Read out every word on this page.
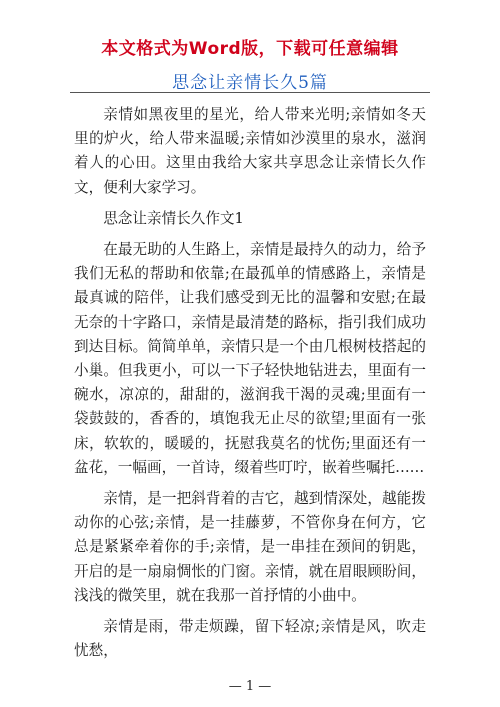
本文格式为Word版，下载可任意编辑
思念让亲情长久5篇

亲情如黑夜里的星光，给人带来光明;亲情如冬天里的炉火，给人带来温暖;亲情如沙漠里的泉水，滋润着人的心田。这里由我给大家共享思念让亲情长久作文，便利大家学习。

思念让亲情长久作文1

在最无助的人生路上，亲情是最持久的动力，给予我们无私的帮助和依靠;在最孤单的情感路上，亲情是最真诚的陪伴，让我们感受到无比的温馨和安慰;在最无奈的十字路口，亲情是最清楚的路标，指引我们成功到达目标。简简单单，亲情只是一个由几根树枝搭起的小巢。但我更小，可以一下子轻快地钻进去，里面有一碗水，凉凉的，甜甜的，滋润我干渴的灵魂;里面有一袋鼓鼓的，香香的，填饱我无止尽的欲望;里面有一张床，软软的，暖暖的，抚慰我莫名的忧伤;里面还有一盆花，一幅画，一首诗，缀着些叮咛，嵌着些嘱托……

亲情，是一把斜背着的吉它，越到情深处，越能拨动你的心弦;亲情，是一挂藤萝，不管你身在何方，它总是紧紧牵着你的手;亲情，是一串挂在颈间的钥匙，开启的是一扇扇惆怅的门窗。亲情，就在眉眼顾盼间，浅浅的微笑里，就在我那一首抒情的小曲中。

亲情是雨，带走烦躁，留下轻凉;亲情是风，吹走忧愁，

— 1 —
